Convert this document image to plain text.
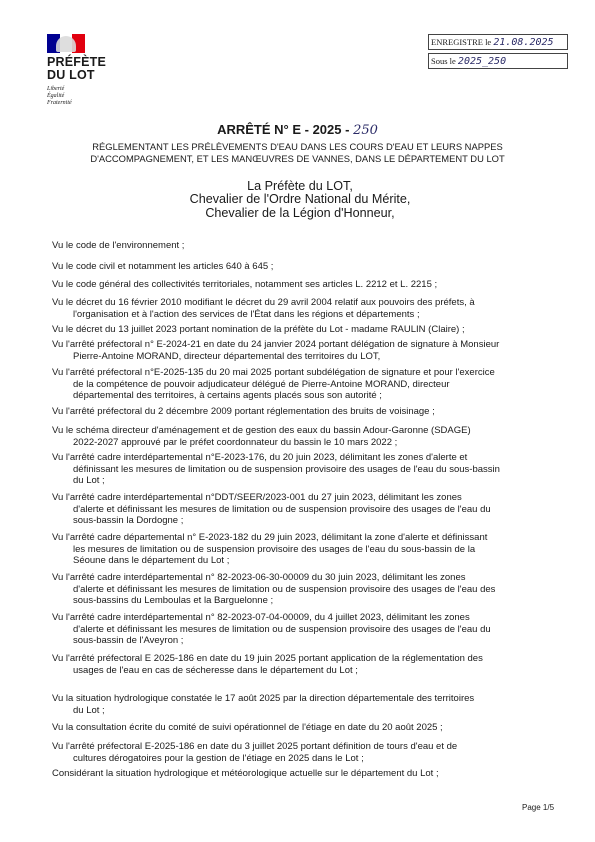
PRÉFÈTE
DU LOT
Liberté
Égalité
Fraternité
ENREGISTRE le 21.08.2025
Sous le 2025_250
ARRÊTÉ N° E - 2025 - 250
RÉGLEMENTANT LES PRÉLÈVEMENTS D'EAU DANS LES COURS D'EAU ET LEURS NAPPES
D'ACCOMPAGNEMENT, ET LES MANŒUVRES DE VANNES, DANS LE DÉPARTEMENT DU LOT
La Préfète du LOT,
Chevalier de l'Ordre National du Mérite,
Chevalier de la Légion d'Honneur,
Vu le code de l'environnement ;
Vu le code civil et notamment les articles 640 à 645 ;
Vu le code général des collectivités territoriales, notamment ses articles L. 2212 et L. 2215 ;
Vu le décret du 16 février 2010 modifiant le décret du 29 avril 2004 relatif aux pouvoirs des préfets, à
l'organisation et à l'action des services de l'État dans les régions et départements ;
Vu le décret du 13 juillet 2023 portant nomination de la préfète du Lot - madame RAULIN (Claire) ;
Vu l'arrêté préfectoral n° E-2024-21 en date du 24 janvier 2024 portant délégation de signature à Monsieur
Pierre-Antoine MORAND, directeur départemental des territoires du LOT,
Vu l'arrêté préfectoral n°E-2025-135 du 20 mai 2025 portant subdélégation de signature et pour l'exercice
de la compétence de pouvoir adjudicateur délégué de Pierre-Antoine MORAND, directeur
départemental des territoires, à certains agents placés sous son autorité ;
Vu l'arrêté préfectoral du 2 décembre 2009 portant réglementation des bruits de voisinage ;
Vu le schéma directeur d'aménagement et de gestion des eaux du bassin Adour-Garonne (SDAGE)
2022-2027 approuvé par le préfet coordonnateur du bassin le 10 mars 2022 ;
Vu l'arrêté cadre interdépartemental n°E-2023-176, du 20 juin 2023, délimitant les zones d'alerte et
définissant les mesures de limitation ou de suspension provisoire des usages de l'eau du sous-bassin
du Lot ;
Vu l'arrêté cadre interdépartemental n°DDT/SEER/2023-001 du 27 juin 2023, délimitant les zones
d'alerte et définissant les mesures de limitation ou de suspension provisoire des usages de l'eau du
sous-bassin la Dordogne ;
Vu l'arrêté cadre départemental n° E-2023-182 du 29 juin 2023, délimitant la zone d'alerte et définissant
les mesures de limitation ou de suspension provisoire des usages de l'eau du sous-bassin de la
Séoune dans le département du Lot ;
Vu l'arrêté cadre interdépartemental n° 82-2023-06-30-00009 du 30 juin 2023, délimitant les zones
d'alerte et définissant les mesures de limitation ou de suspension provisoire des usages de l'eau des
sous-bassins du Lemboulas et la Barguelonne ;
Vu l'arrêté cadre interdépartemental n° 82-2023-07-04-00009, du 4 juillet 2023, délimitant les zones
d'alerte et définissant les mesures de limitation ou de suspension provisoire des usages de l'eau du
sous-bassin de l'Aveyron ;
Vu l'arrêté préfectoral E 2025-186 en date du 19 juin 2025 portant application de la réglementation des
usages de l'eau en cas de sécheresse dans le département du Lot ;
Vu la situation hydrologique constatée le 17 août 2025 par la direction départementale des territoires
du Lot ;
Vu la consultation écrite du comité de suivi opérationnel de l'étiage en date du 20 août 2025 ;
Vu l'arrêté préfectoral E-2025-186 en date du 3 juillet 2025 portant définition de tours d'eau et de
cultures dérogatoires pour la gestion de l'étiage en 2025 dans le Lot ;
Considérant la situation hydrologique et météorologique actuelle sur le département du Lot ;
Page 1/5
